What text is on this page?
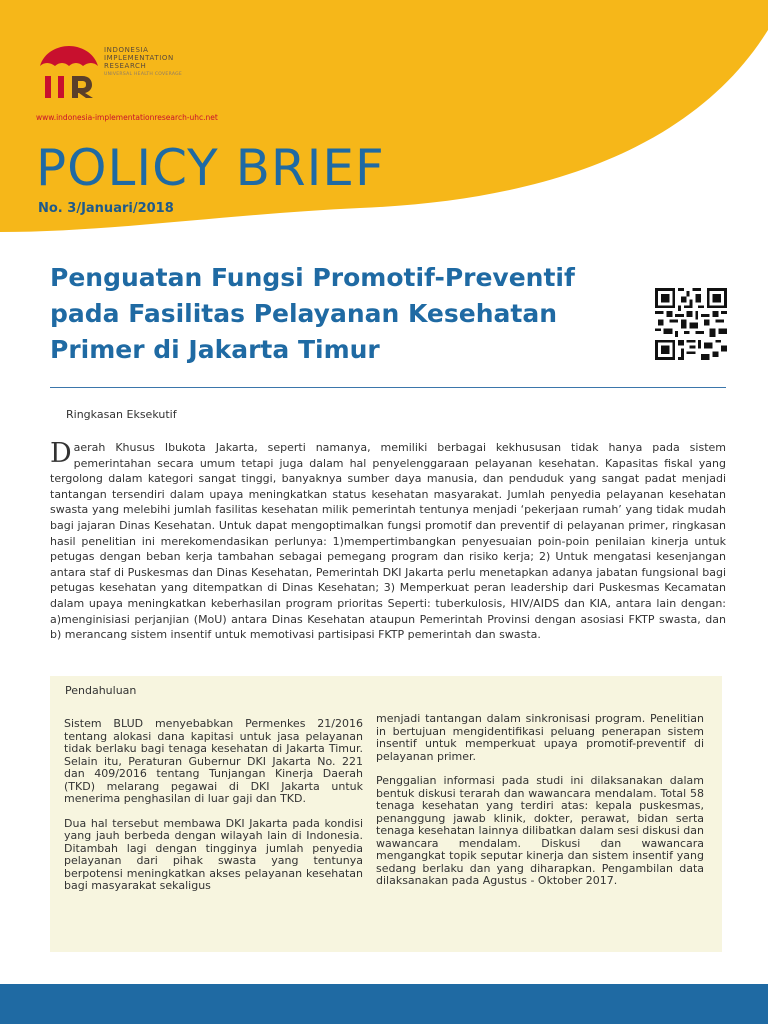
INDONESIA
IMPLEMENTATION
RESEARCH
UNIVERSAL HEALTH COVERAGE
www.indonesia-implementationresearch-uhc.net
POLICY BRIEF
No. 3/Januari/2018
Penguatan Fungsi Promotif-Preventif pada Fasilitas Pelayanan Kesehatan Primer di Jakarta Timur
Ringkasan Eksekutif
Daerah Khusus Ibukota Jakarta, seperti namanya, memiliki berbagai kekhususan tidak hanya pada sistem pemerintahan secara umum tetapi juga dalam hal penyelenggaraan pelayanan kesehatan. Kapasitas fiskal yang tergolong dalam kategori sangat tinggi, banyaknya sumber daya manusia, dan penduduk yang sangat padat menjadi tantangan tersendiri dalam upaya meningkatkan status kesehatan masyarakat. Jumlah penyedia pelayanan kesehatan swasta yang melebihi jumlah fasilitas kesehatan milik pemerintah tentunya menjadi ‘pekerjaan rumah’ yang tidak mudah bagi jajaran Dinas Kesehatan. Untuk dapat mengoptimalkan fungsi promotif dan preventif di pelayanan primer, ringkasan hasil penelitian ini merekomendasikan perlunya: 1)mempertimbangkan penyesuaian poin-poin penilaian kinerja untuk petugas dengan beban kerja tambahan sebagai pemegang program dan risiko kerja; 2) Untuk mengatasi kesenjangan antara staf di Puskesmas dan Dinas Kesehatan, Pemerintah DKI Jakarta perlu menetapkan adanya jabatan fungsional bagi petugas kesehatan yang ditempatkan di Dinas Kesehatan; 3) Memperkuat peran leadership dari Puskesmas Kecamatan dalam upaya meningkatkan keberhasilan program prioritas Seperti: tuberkulosis, HIV/AIDS dan KIA, antara lain dengan: a)menginisiasi perjanjian (MoU) antara Dinas Kesehatan ataupun Pemerintah Provinsi dengan asosiasi FKTP swasta, dan b) merancang sistem insentif untuk memotivasi partisipasi FKTP pemerintah dan swasta.
Pendahuluan

Sistem BLUD menyebabkan Permenkes 21/2016 tentang alokasi dana kapitasi untuk jasa pelayanan tidak berlaku bagi tenaga kesehatan di Jakarta Timur. Selain itu, Peraturan Gubernur DKI Jakarta No. 221 dan 409/2016 tentang Tunjangan Kinerja Daerah (TKD) melarang pegawai di DKI Jakarta untuk menerima penghasilan di luar gaji dan TKD.

Dua hal tersebut membawa DKI Jakarta pada kondisi yang jauh berbeda dengan wilayah lain di Indonesia. Ditambah lagi dengan tingginya jumlah penyedia pelayanan dari pihak swasta yang tentunya berpotensi meningkatkan akses pelayanan kesehatan bagi masyarakat sekaligus

menjadi tantangan dalam sinkronisasi program. Penelitian in bertujuan mengidentifikasi peluang penerapan sistem insentif untuk memperkuat upaya promotif-preventif di pelayanan primer.

Penggalian informasi pada studi ini dilaksanakan dalam bentuk diskusi terarah dan wawancara mendalam. Total 58 tenaga kesehatan yang terdiri atas: kepala puskesmas, penanggung jawab klinik, dokter, perawat, bidan serta tenaga kesehatan lainnya dilibatkan dalam sesi diskusi dan wawancara mendalam. Diskusi dan wawancara mengangkat topik seputar kinerja dan sistem insentif yang sedang berlaku dan yang diharapkan. Pengambilan data dilaksanakan pada Agustus - Oktober 2017.
